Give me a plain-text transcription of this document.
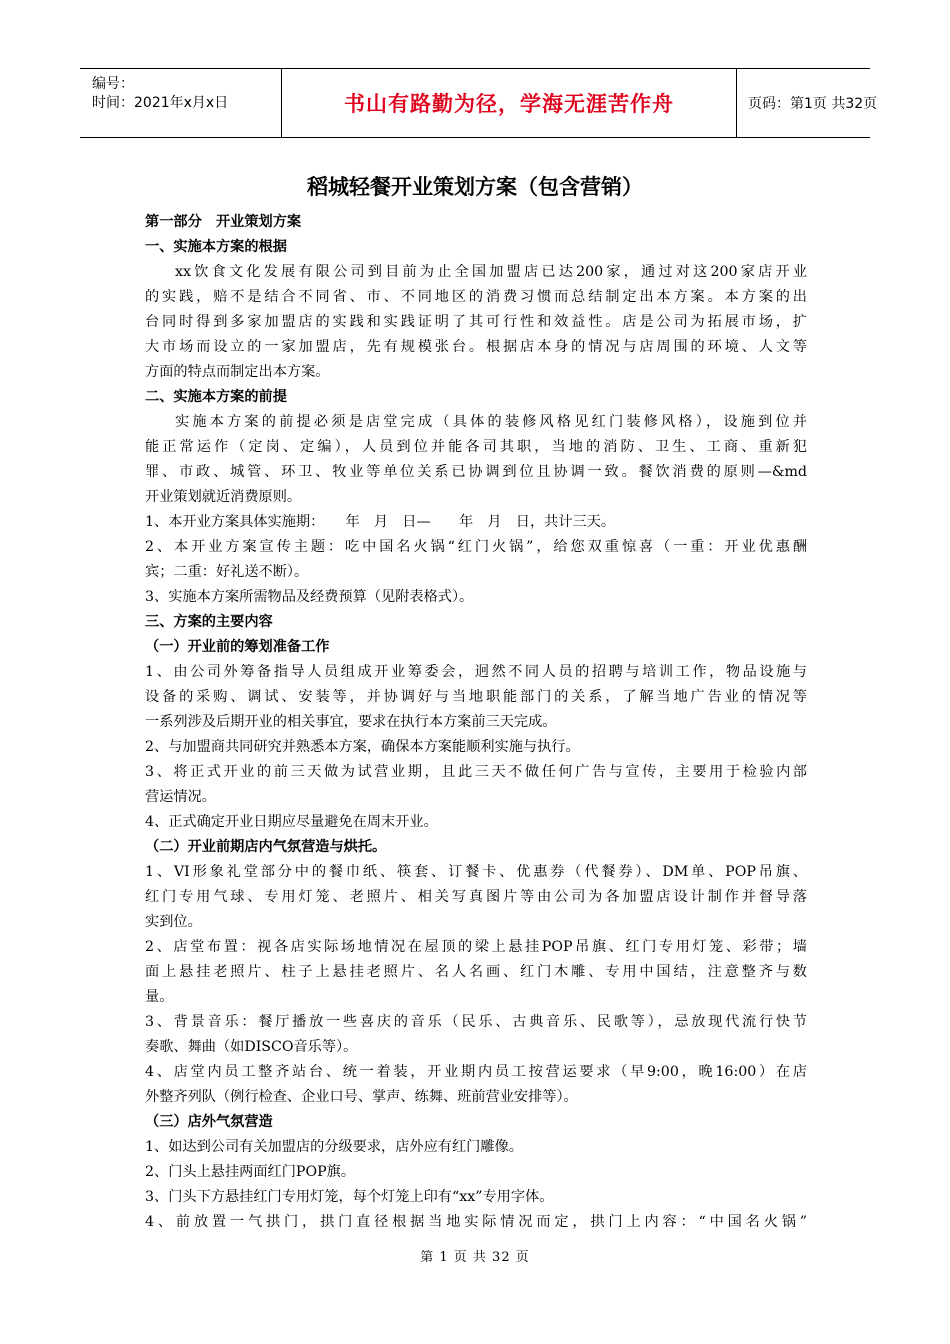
编号：
时间：2021年x月x日	书山有路勤为径，学海无涯苦作舟	页码：第1页 共32页
稻城轻餐开业策划方案（包含营销）

第一部分　开业策划方案

一、实施本方案的根据

xx饮食文化发展有限公司到目前为止全国加盟店已达200家，通过对这200家店开业

的实践，赔不是结合不同省、市、不同地区的消费习惯而总结制定出本方案。本方案的出

台同时得到多家加盟店的实践和实践证明了其可行性和效益性。店是公司为拓展市场，扩

大市场而设立的一家加盟店，先有规模张台。根据店本身的情况与店周围的环境、人文等

方面的特点而制定出本方案。

二、实施本方案的前提

实施本方案的前提必须是店堂完成（具体的装修风格见红门装修风格），设施到位并

能正常运作（定岗、定编），人员到位并能各司其职，当地的消防、卫生、工商、重新犯

罪、市政、城管、环卫、牧业等单位关系已协调到位且协调一致。餐饮消费的原则—&md

开业策划就近消费原则。

1、本开业方案具体实施期：　　年　月　日—　　年　月　日，共计三天。

2、本开业方案宣传主题：吃中国名火锅“红门火锅”，给您双重惊喜（一重：开业优惠酬

宾；二重：好礼送不断）。

3、实施本方案所需物品及经费预算（见附表格式）。

三、方案的主要内容

（一）开业前的筹划准备工作

1、由公司外筹备指导人员组成开业筹委会，迥然不同人员的招聘与培训工作，物品设施与

设备的采购、调试、安装等，并协调好与当地职能部门的关系，了解当地广告业的情况等

一系列涉及后期开业的相关事宜，要求在执行本方案前三天完成。

2、与加盟商共同研究并熟悉本方案，确保本方案能顺利实施与执行。

3、将正式开业的前三天做为试营业期，且此三天不做任何广告与宣传，主要用于检验内部

营运情况。

4、正式确定开业日期应尽量避免在周末开业。

（二）开业前期店内气氛营造与烘托。

1、VI形象礼堂部分中的餐巾纸、筷套、订餐卡、优惠券（代餐券）、DM单、POP吊旗、

红门专用气球、专用灯笼、老照片、相关写真图片等由公司为各加盟店设计制作并督导落

实到位。

2、店堂布置：视各店实际场地情况在屋顶的梁上悬挂POP吊旗、红门专用灯笼、彩带；墙

面上悬挂老照片、柱子上悬挂老照片、名人名画、红门木雕、专用中国结，注意整齐与数

量。

3、背景音乐：餐厅播放一些喜庆的音乐（民乐、古典音乐、民歌等），忌放现代流行快节

奏歌、舞曲（如DISCO音乐等）。

4、店堂内员工整齐站台、统一着装，开业期内员工按营运要求（早9:00，晚16:00）在店

外整齐列队（例行检查、企业口号、掌声、练舞、班前营业安排等）。

（三）店外气氛营造

1、如达到公司有关加盟店的分级要求，店外应有红门雕像。

2、门头上悬挂两面红门POP旗。

3、门头下方悬挂红门专用灯笼，每个灯笼上印有“xx”专用字体。

4、前放置一气拱门，拱门直径根据当地实际情况而定，拱门上内容：“中国名火锅”

第 1 页 共 32 页
